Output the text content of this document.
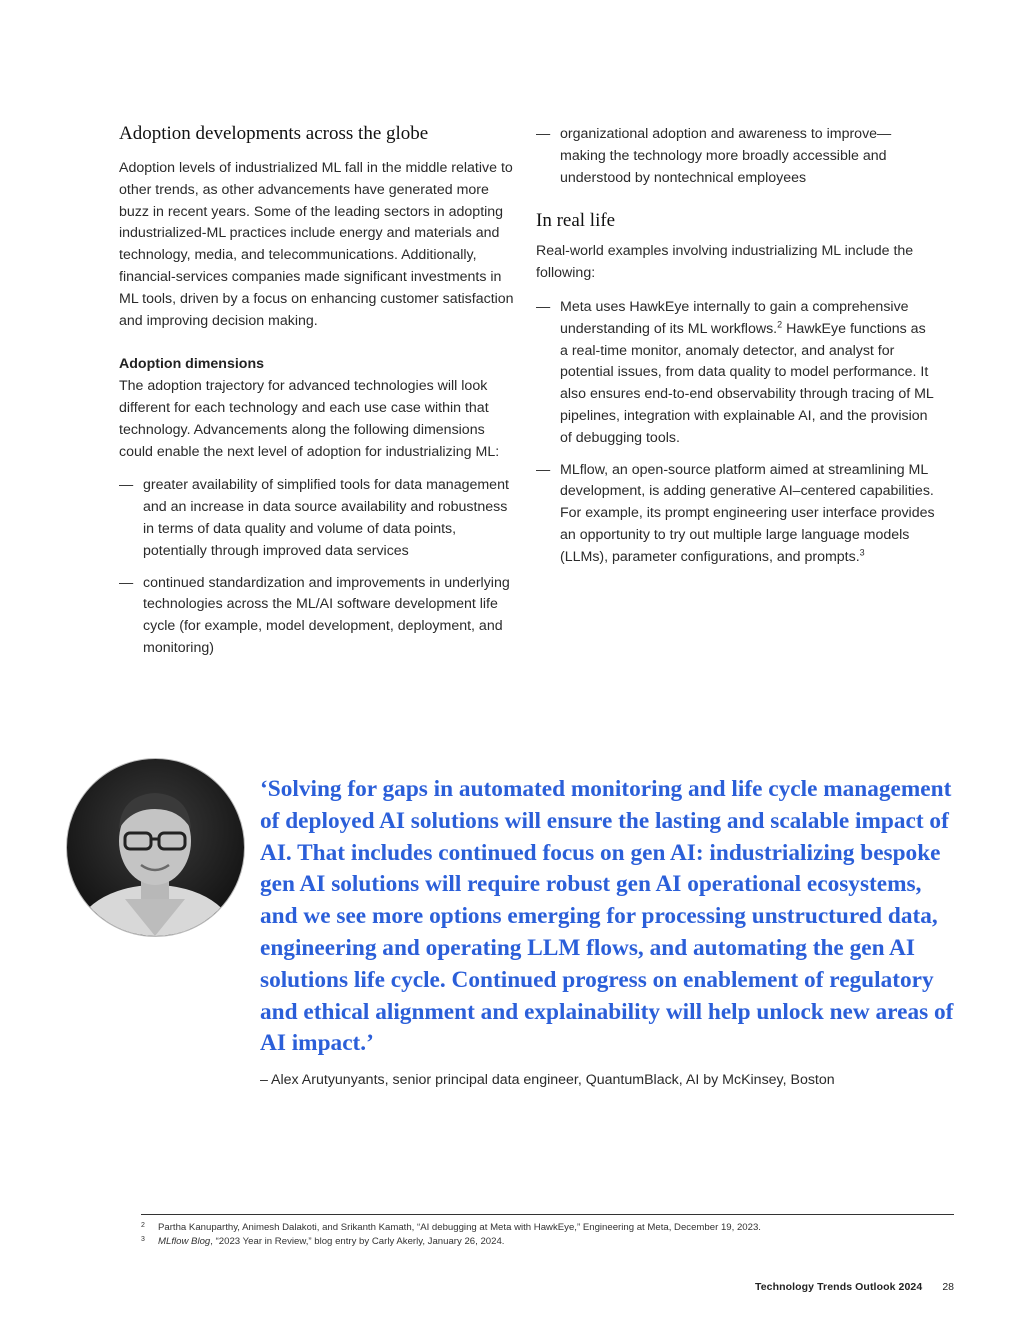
Adoption developments across the globe

Adoption levels of industrialized ML fall in the middle relative to other trends, as other advancements have generated more buzz in recent years. Some of the leading sectors in adopting industrialized-ML practices include energy and materials and technology, media, and telecommunications. Additionally, financial-services companies made significant investments in ML tools, driven by a focus on enhancing customer satisfaction and improving decision making.

Adoption dimensions

The adoption trajectory for advanced technologies will look different for each technology and each use case within that technology. Advancements along the following dimensions could enable the next level of adoption for industrializing ML:

— greater availability of simplified tools for data management and an increase in data source availability and robustness in terms of data quality and volume of data points, potentially through improved data services
— continued standardization and improvements in underlying technologies across the ML/AI software development life cycle (for example, model development, deployment, and monitoring)
— organizational adoption and awareness to improve—making the technology more broadly accessible and understood by nontechnical employees
In real life

Real-world examples involving industrializing ML include the following:

— Meta uses HawkEye internally to gain a comprehensive understanding of its ML workflows.$^2$ HawkEye functions as a real-time monitor, anomaly detector, and analyst for potential issues, from data quality to model performance. It also ensures end-to-end observability through tracing of ML pipelines, integration with explainable AI, and the provision of debugging tools.
— MLflow, an open-source platform aimed at streamlining ML development, is adding generative AI–centered capabilities. For example, its prompt engineering user interface provides an opportunity to try out multiple large language models (LLMs), parameter configurations, and prompts.$^3$

‘Solving for gaps in automated monitoring and life cycle management of deployed AI solutions will ensure the lasting and scalable impact of AI. That includes continued focus on gen AI: industrializing bespoke gen AI solutions will require robust gen AI operational ecosystems, and we see more options emerging for processing unstructured data, engineering and operating LLM flows, and automating the gen AI solutions life cycle. Continued progress on enablement of regulatory and ethical alignment and explainability will help unlock new areas of AI impact.’

– Alex Arutyunyants, senior principal data engineer, QuantumBlack, AI by McKinsey, Boston
2 Partha Kanuparthy, Animesh Dalakoti, and Srikanth Kamath, “AI debugging at Meta with HawkEye,” Engineering at Meta, December 19, 2023.
3 MLflow Blog, “2023 Year in Review,” blog entry by Carly Akerly, January 26, 2024.
Technology Trends Outlook 2024 28
